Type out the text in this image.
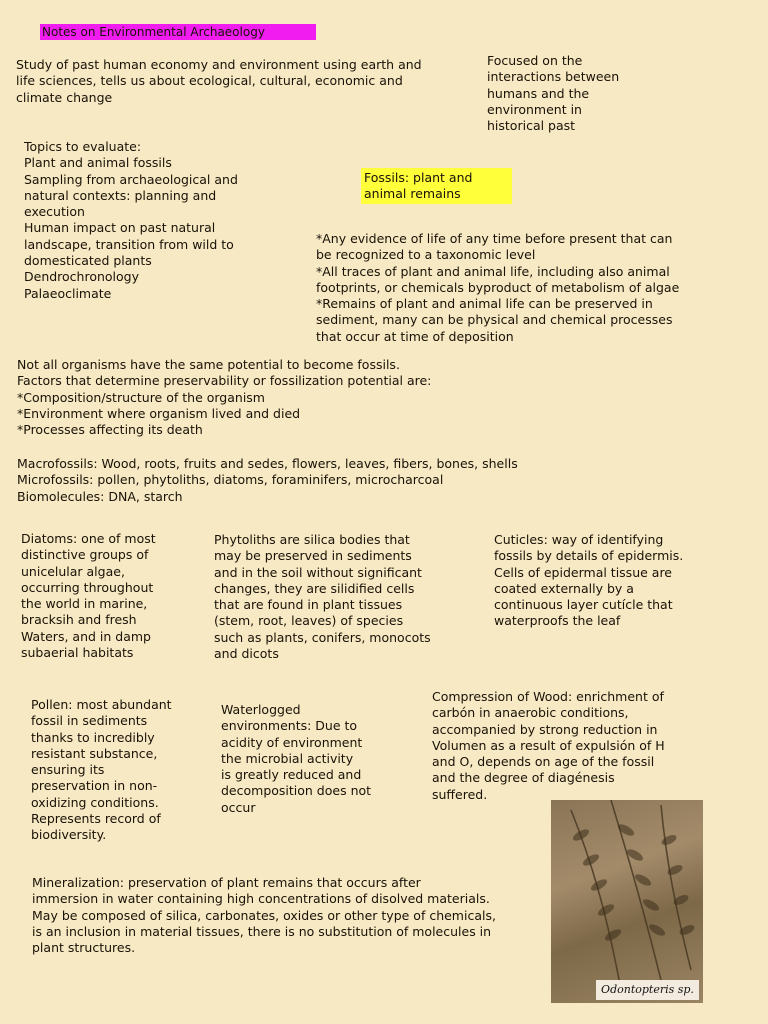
Notes on Environmental Archaeology

Study of past human economy and environment using earth and
life sciences, tells us about ecological, cultural, economic and
climate change

Focused on the
interactions between
humans and the
environment in
historical past

Topics to evaluate:
Plant and animal fossils
Sampling from archaeological and
natural contexts: planning and
execution
Human impact on past natural
landscape, transition from wild to
domesticated plants
Dendrochronology
Palaeoclimate

Fossils: plant and
animal remains

*Any evidence of life of any time before present that can
be recognized to a taxonomic level
*All traces of plant and animal life, including also animal
footprints, or chemicals byproduct of metabolism of algae
*Remains of plant and animal life can be preserved in
sediment, many can be physical and chemical processes
that occur at time of deposition

Not all organisms have the same potential to become fossils.
Factors that determine preservability or fossilization potential are:
*Composition/structure of the organism
*Environment where organism lived and died
*Processes affecting its death

Macrofossils: Wood, roots, fruits and sedes, flowers, leaves, fibers, bones, shells
Microfossils: pollen, phytoliths, diatoms, foraminifers, microcharcoal
Biomolecules: DNA, starch

Diatoms: one of most
distinctive groups of
unicelular algae,
occurring throughout
the world in marine,
bracksih and fresh
Waters, and in damp
subaerial habitats

Phytoliths are silica bodies that
may be preserved in sediments
and in the soil without significant
changes, they are silidified cells
that are found in plant tissues
(stem, root, leaves) of species
such as plants, conifers, monocots
and dicots

Cuticles: way of identifying
fossils by details of epidermis.
Cells of epidermal tissue are
coated externally by a
continuous layer cutícle that
waterproofs the leaf

Pollen: most abundant
fossil in sediments
thanks to incredibly
resistant substance,
ensuring its
preservation in non-
oxidizing conditions.
Represents record of
biodiversity.

Waterlogged
environments: Due to
acidity of environment
the microbial activity
is greatly reduced and
decomposition does not
occur

Compression of Wood: enrichment of
carbón in anaerobic conditions,
accompanied by strong reduction in
Volumen as a result of expulsión of H
and O, depends on age of the fossil
and the degree of diagénesis
suffered.

Mineralization: preservation of plant remains that occurs after
immersion in water containing high concentrations of disolved materials.
May be composed of silica, carbonates, oxides or other type of chemicals,
is an inclusion in material tissues, there is no substitution of molecules in
plant structures.

Odontopteris sp.
